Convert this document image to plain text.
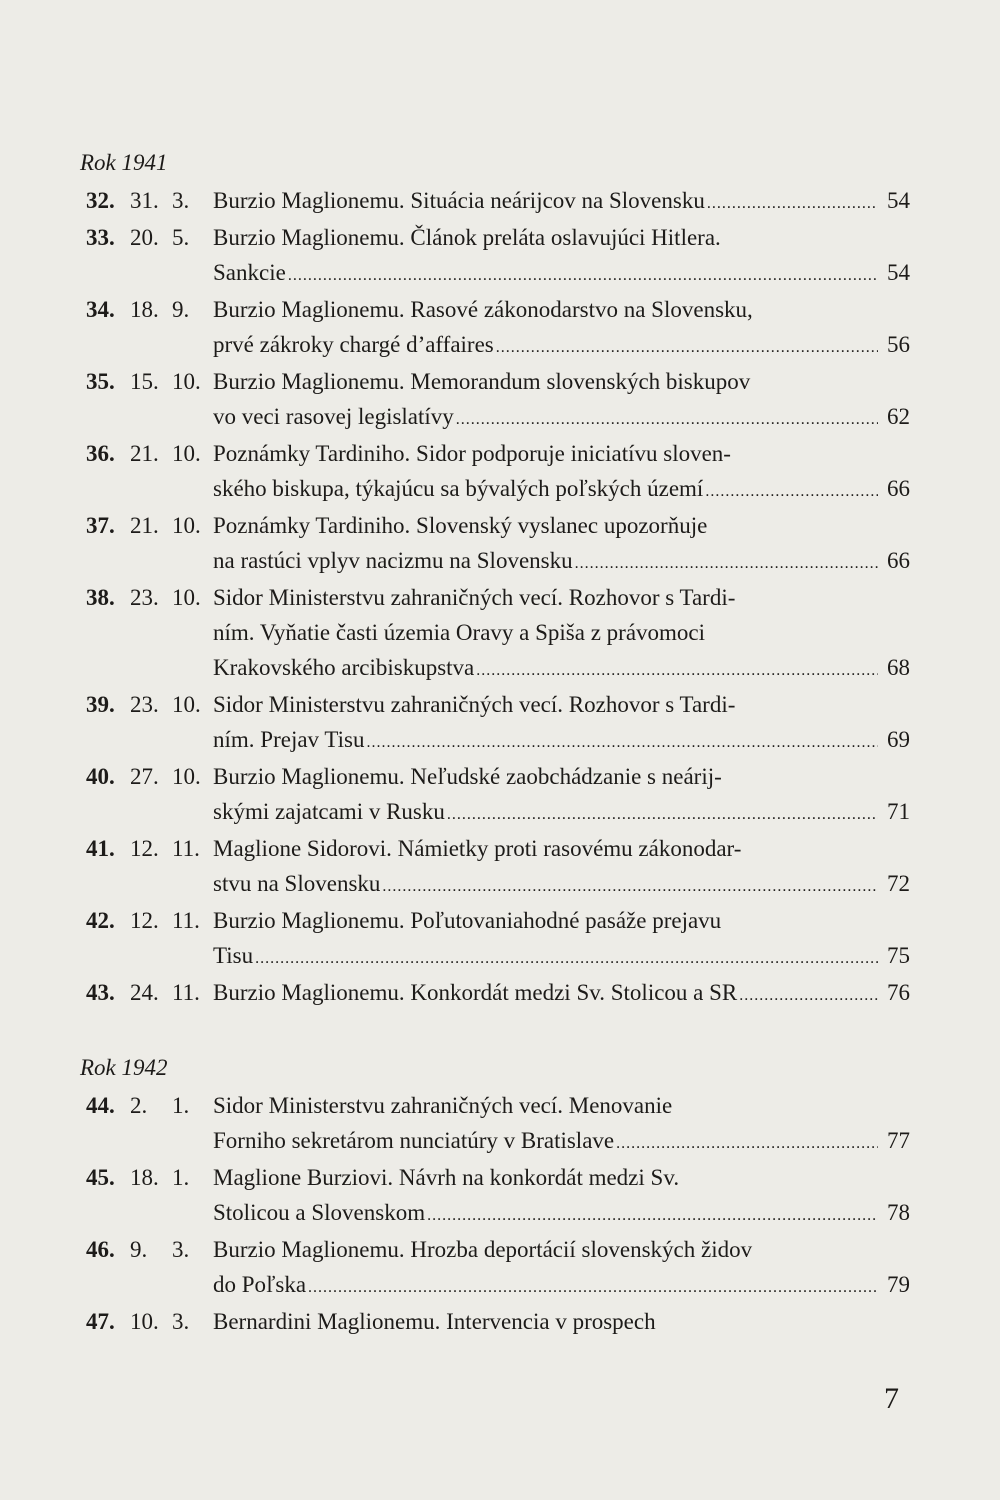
Rok 1941
32. 31. 3. Burzio Maglionemu. Situácia neárijcov na Slovensku .....	54
33. 20. 5. Burzio Maglionemu. Článok preláta oslavujúci Hitlera.
Sankcie .....	54
34. 18. 9. Burzio Maglionemu. Rasové zákonodarstvo na Slovensku,
prvé zákroky chargé d’affaires .....	56
35. 15. 10. Burzio Maglionemu. Memorandum slovenských biskupov
vo veci rasovej legislatívy .....	62
36. 21. 10. Poznámky Tardiniho. Sidor podporuje iniciatívu sloven-
ského biskupa, týkajúcu sa bývalých poľských území .....	66
37. 21. 10. Poznámky Tardiniho. Slovenský vyslanec upozorňuje
na rastúci vplyv nacizmu na Slovensku .....	66
38. 23. 10. Sidor Ministerstvu zahraničných vecí. Rozhovor s Tardi-
ním. Vyňatie časti územia Oravy a Spiša z právomoci
Krakovského arcibiskupstva .....	68
39. 23. 10. Sidor Ministerstvu zahraničných vecí. Rozhovor s Tardi-
ním. Prejav Tisu .....	69
40. 27. 10. Burzio Maglionemu. Neľudské zaobchádzanie s neárij-
skými zajatcami v Rusku .....	71
41. 12. 11. Maglione Sidorovi. Námietky proti rasovému zákonodar-
stvu na Slovensku .....	72
42. 12. 11. Burzio Maglionemu. Poľutovaniahodné pasáže prejavu
Tisu .....	75
43. 24. 11. Burzio Maglionemu. Konkordát medzi Sv. Stolicou a SR .....	76
Rok 1942
44. 2. 1. Sidor Ministerstvu zahraničných vecí. Menovanie
Forniho sekretárom nunciatúry v Bratislave .....	77
45. 18. 1. Maglione Burziovi. Návrh na konkordát medzi Sv.
Stolicou a Slovenskom .....	78
46. 9. 3. Burzio Maglionemu. Hrozba deportácií slovenských židov
do Poľska .....	79
47. 10. 3. Bernardini Maglionemu. Intervencia v prospech
7
